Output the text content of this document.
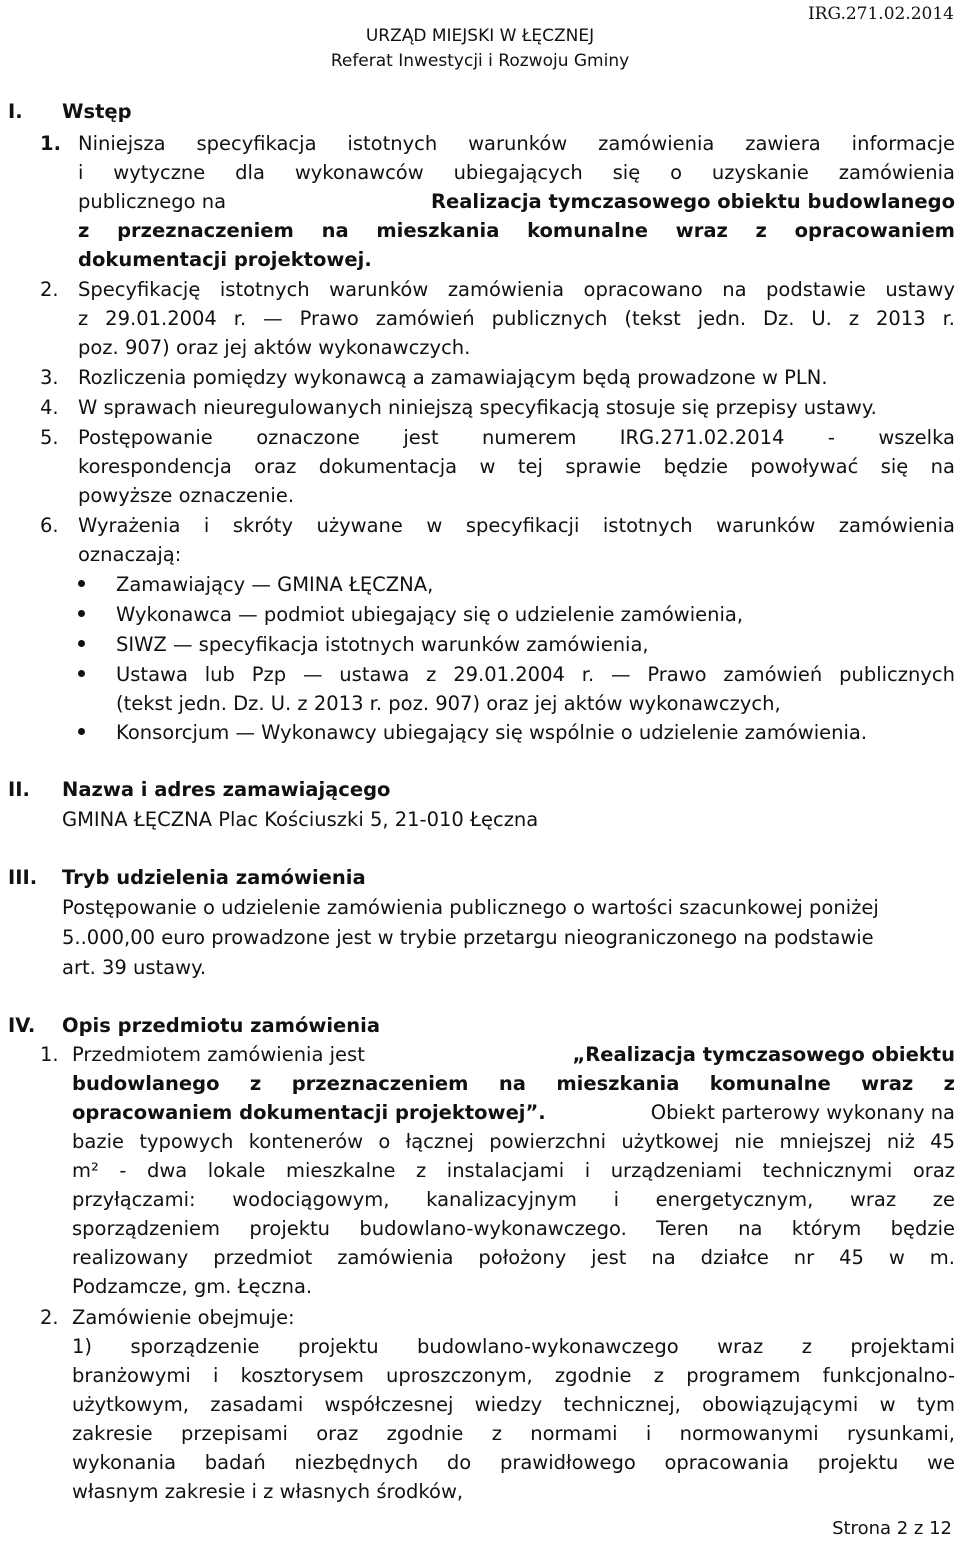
IRG.271.02.2014
URZĄD MIEJSKI W ŁĘCZNEJ
Referat Inwestycji i Rozwoju Gminy
I. Wstęp
1. Niniejsza specyfikacja istotnych warunków zamówienia zawiera informacje
i wytyczne dla wykonawców ubiegających się o uzyskanie zamówienia
publicznego na	Realizacja tymczasowego obiektu budowlanego
z przeznaczeniem na mieszkania komunalne wraz z opracowaniem
dokumentacji projektowej.
2. Specyfikację istotnych warunków zamówienia opracowano na podstawie ustawy
z 29.01.2004 r. — Prawo zamówień publicznych (tekst jedn. Dz. U. z 2013 r.
poz. 907) oraz jej aktów wykonawczych.
3. Rozliczenia pomiędzy wykonawcą a zamawiającym będą prowadzone w PLN.
4. W sprawach nieuregulowanych niniejszą specyfikacją stosuje się przepisy ustawy.
5. Postępowanie oznaczone jest numerem IRG.271.02.2014 - wszelka
korespondencja oraz dokumentacja w tej sprawie będzie powoływać się na
powyższe oznaczenie.
6. Wyrażenia i skróty używane w specyfikacji istotnych warunków zamówienia
oznaczają:
Zamawiający — GMINA ŁĘCZNA,
Wykonawca — podmiot ubiegający się o udzielenie zamówienia,
SIWZ — specyfikacja istotnych warunków zamówienia,
Ustawa lub Pzp — ustawa z 29.01.2004 r. — Prawo zamówień publicznych
(tekst jedn. Dz. U. z 2013 r. poz. 907) oraz jej aktów wykonawczych,
Konsorcjum — Wykonawcy ubiegający się wspólnie o udzielenie zamówienia.
II. Nazwa i adres zamawiającego
GMINA ŁĘCZNA Plac Kościuszki 5, 21-010 Łęczna
III. Tryb udzielenia zamówienia
Postępowanie o udzielenie zamówienia publicznego o wartości szacunkowej poniżej
5..000,00 euro prowadzone jest w trybie przetargu nieograniczonego na podstawie
art. 39 ustawy.
IV. Opis przedmiotu zamówienia
1. Przedmiotem zamówienia jest	„Realizacja tymczasowego obiektu
budowlanego z przeznaczeniem na mieszkania komunalne wraz z
opracowaniem dokumentacji projektowej”.	Obiekt parterowy wykonany na
bazie typowych kontenerów o łącznej powierzchni użytkowej nie mniejszej niż 45
m² - dwa lokale mieszkalne z instalacjami i urządzeniami technicznymi oraz
przyłączami: wodociągowym, kanalizacyjnym i energetycznym, wraz ze
sporządzeniem projektu budowlano-wykonawczego. Teren na którym będzie
realizowany przedmiot zamówienia położony jest na działce nr 45 w m.
Podzamcze, gm. Łęczna.
2. Zamówienie obejmuje:
1) sporządzenie projektu budowlano-wykonawczego wraz z projektami
branżowymi i kosztorysem uproszczonym, zgodnie z programem funkcjonalno-
użytkowym, zasadami współczesnej wiedzy technicznej, obowiązującymi w tym
zakresie przepisami oraz zgodnie z normami i normowanymi rysunkami,
wykonania badań niezbędnych do prawidłowego opracowania projektu we
własnym zakresie i z własnych środków,
Strona 2 z 12
